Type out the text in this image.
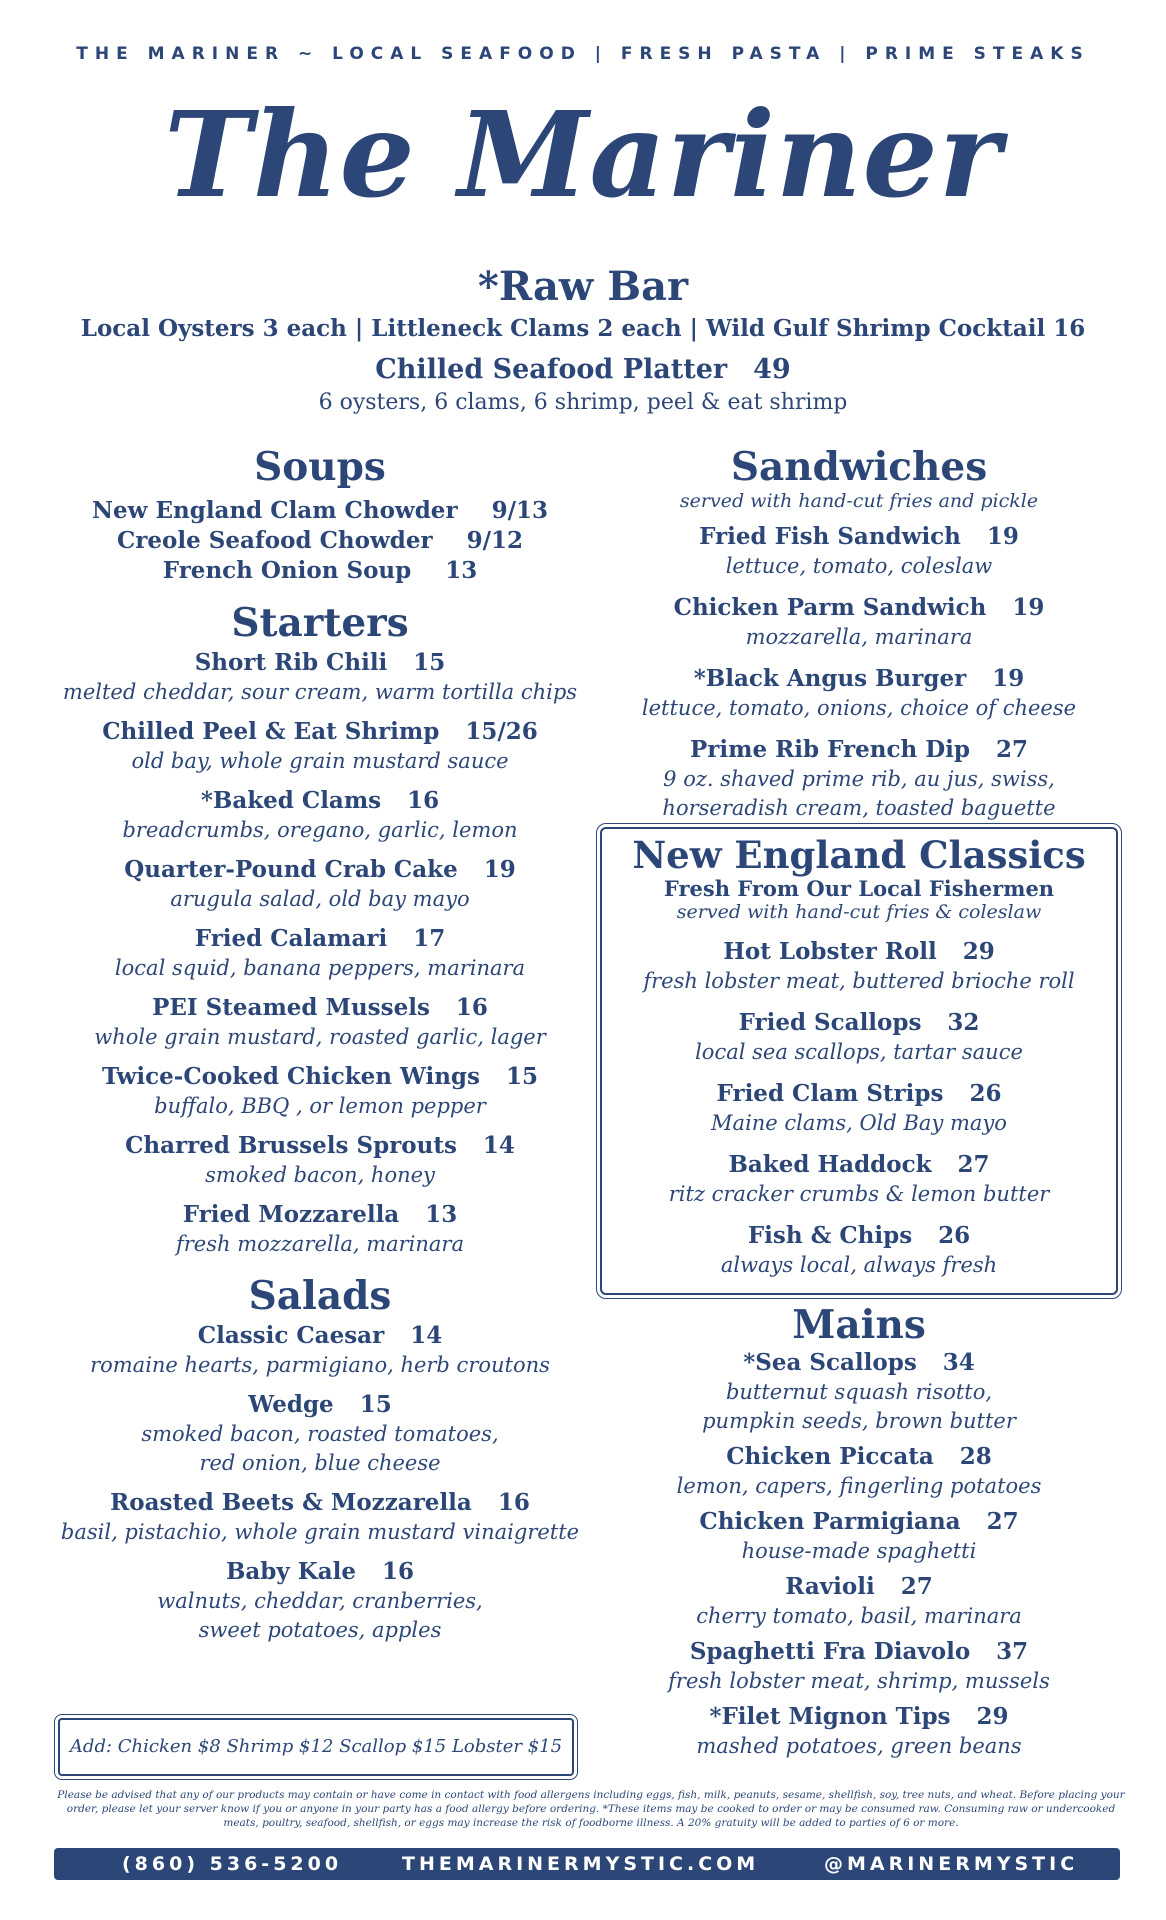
THE MARINER ~ LOCAL SEAFOOD | FRESH PASTA | PRIME STEAKS
The Mariner
*Raw Bar
Local Oysters 3 each | Littleneck Clams 2 each | Wild Gulf Shrimp Cocktail 16
Chilled Seafood Platter 49
6 oysters, 6 clams, 6 shrimp, peel & eat shrimp
Soups
New England Clam Chowder 9/13
Creole Seafood Chowder 9/12
French Onion Soup 13
Starters
Short Rib Chili 15
melted cheddar, sour cream, warm tortilla chips
Chilled Peel & Eat Shrimp 15/26
old bay, whole grain mustard sauce
*Baked Clams 16
breadcrumbs, oregano, garlic, lemon
Quarter-Pound Crab Cake 19
arugula salad, old bay mayo
Fried Calamari 17
local squid, banana peppers, marinara
PEI Steamed Mussels 16
whole grain mustard, roasted garlic, lager
Twice-Cooked Chicken Wings 15
buffalo, BBQ , or lemon pepper
Charred Brussels Sprouts 14
smoked bacon, honey
Fried Mozzarella 13
fresh mozzarella, marinara
Salads
Classic Caesar 14
romaine hearts, parmigiano, herb croutons
Wedge 15
smoked bacon, roasted tomatoes,
red onion, blue cheese
Roasted Beets & Mozzarella 16
basil, pistachio, whole grain mustard vinaigrette
Baby Kale 16
walnuts, cheddar, cranberries,
sweet potatoes, apples
Add: Chicken $8 Shrimp $12 Scallop $15 Lobster $15
Sandwiches
served with hand-cut fries and pickle
Fried Fish Sandwich 19
lettuce, tomato, coleslaw
Chicken Parm Sandwich 19
mozzarella, marinara
*Black Angus Burger 19
lettuce, tomato, onions, choice of cheese
Prime Rib French Dip 27
9 oz. shaved prime rib, au jus, swiss,
horseradish cream, toasted baguette
New England Classics
Fresh From Our Local Fishermen
served with hand-cut fries & coleslaw
Hot Lobster Roll 29
fresh lobster meat, buttered brioche roll
Fried Scallops 32
local sea scallops, tartar sauce
Fried Clam Strips 26
Maine clams, Old Bay mayo
Baked Haddock 27
ritz cracker crumbs & lemon butter
Fish & Chips 26
always local, always fresh
Mains
*Sea Scallops 34
butternut squash risotto,
pumpkin seeds, brown butter
Chicken Piccata 28
lemon, capers, fingerling potatoes
Chicken Parmigiana 27
house-made spaghetti
Ravioli 27
cherry tomato, basil, marinara
Spaghetti Fra Diavolo 37
fresh lobster meat, shrimp, mussels
*Filet Mignon Tips 29
mashed potatoes, green beans
Please be advised that any of our products may contain or have come in contact with food allergens including eggs, fish, milk, peanuts, sesame, shellfish, soy, tree nuts, and wheat. Before placing your order, please let your server know if you or anyone in your party has a food allergy before ordering. *These items may be cooked to order or may be consumed raw. Consuming raw or undercooked meats, poultry, seafood, shellfish, or eggs may increase the risk of foodborne illness. A 20% gratuity will be added to parties of 6 or more.
(860) 536-5200	THEMARINERMYSTIC.COM	@MARINERMYSTIC
